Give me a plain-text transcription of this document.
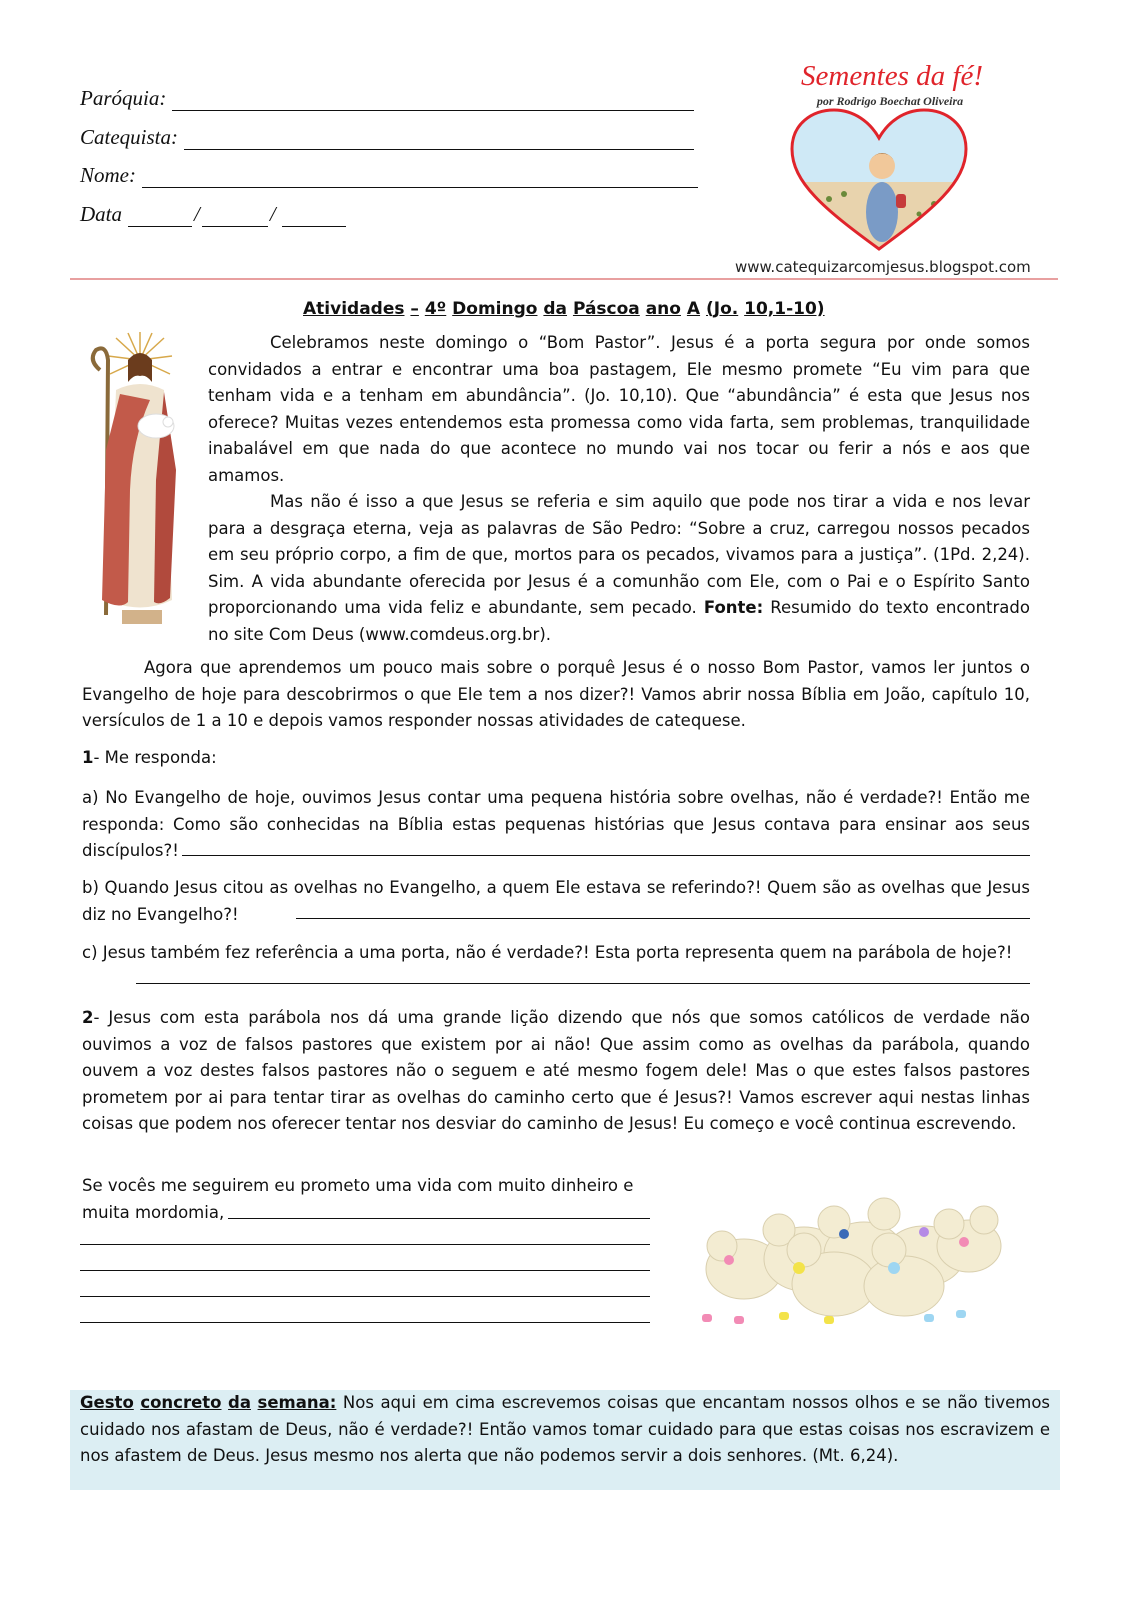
Paróquia:
Catequista:
Nome:
Data	/	/
Sementes da fé!
por Rodrigo Boechat Oliveira
www.catequizarcomjesus.blogspot.com
Atividades – 4º Domingo da Páscoa ano A (Jo. 10,1-10)
Celebramos neste domingo o “Bom Pastor”. Jesus é a porta segura por onde somos convidados a entrar e encontrar uma boa pastagem, Ele mesmo promete “Eu vim para que tenham vida e a tenham em abundância”. (Jo. 10,10). Que “abundância” é esta que Jesus nos oferece? Muitas vezes entendemos esta promessa como vida farta, sem problemas, tranquilidade inabalável em que nada do que acontece no mundo vai nos tocar ou ferir a nós e aos que amamos.
Mas não é isso a que Jesus se referia e sim aquilo que pode nos tirar a vida e nos levar para a desgraça eterna, veja as palavras de São Pedro: “Sobre a cruz, carregou nossos pecados em seu próprio corpo, a fim de que, mortos para os pecados, vivamos para a justiça”. (1Pd. 2,24). Sim. A vida abundante oferecida por Jesus é a comunhão com Ele, com o Pai e o Espírito Santo proporcionando uma vida feliz e abundante, sem pecado. Fonte: Resumido do texto encontrado no site Com Deus (www.comdeus.org.br).
Agora que aprendemos um pouco mais sobre o porquê Jesus é o nosso Bom Pastor, vamos ler juntos o Evangelho de hoje para descobrirmos o que Ele tem a nos dizer?! Vamos abrir nossa Bíblia em João, capítulo 10, versículos de 1 a 10 e depois vamos responder nossas atividades de catequese.
1- Me responda:
a) No Evangelho de hoje, ouvimos Jesus contar uma pequena história sobre ovelhas, não é verdade?! Então me responda: Como são conhecidas na Bíblia estas pequenas histórias que Jesus contava para ensinar aos seus discípulos?!
b) Quando Jesus citou as ovelhas no Evangelho, a quem Ele estava se referindo?! Quem são as ovelhas que Jesus diz no Evangelho?!
c) Jesus também fez referência a uma porta, não é verdade?! Esta porta representa quem na parábola de hoje?!
2- Jesus com esta parábola nos dá uma grande lição dizendo que nós que somos católicos de verdade não ouvimos a voz de falsos pastores que existem por ai não! Que assim como as ovelhas da parábola, quando ouvem a voz destes falsos pastores não o seguem e até mesmo fogem dele! Mas o que estes falsos pastores prometem por ai para tentar tirar as ovelhas do caminho certo que é Jesus?! Vamos escrever aqui nestas linhas coisas que podem nos oferecer tentar nos desviar do caminho de Jesus! Eu começo e você continua escrevendo.
Se vocês me seguirem eu prometo uma vida com muito dinheiro e
muita mordomia,
Gesto concreto da semana: Nos aqui em cima escrevemos coisas que encantam nossos olhos e se não tivemos cuidado nos afastam de Deus, não é verdade?! Então vamos tomar cuidado para que estas coisas nos escravizem e nos afastem de Deus. Jesus mesmo nos alerta que não podemos servir a dois senhores. (Mt. 6,24).
